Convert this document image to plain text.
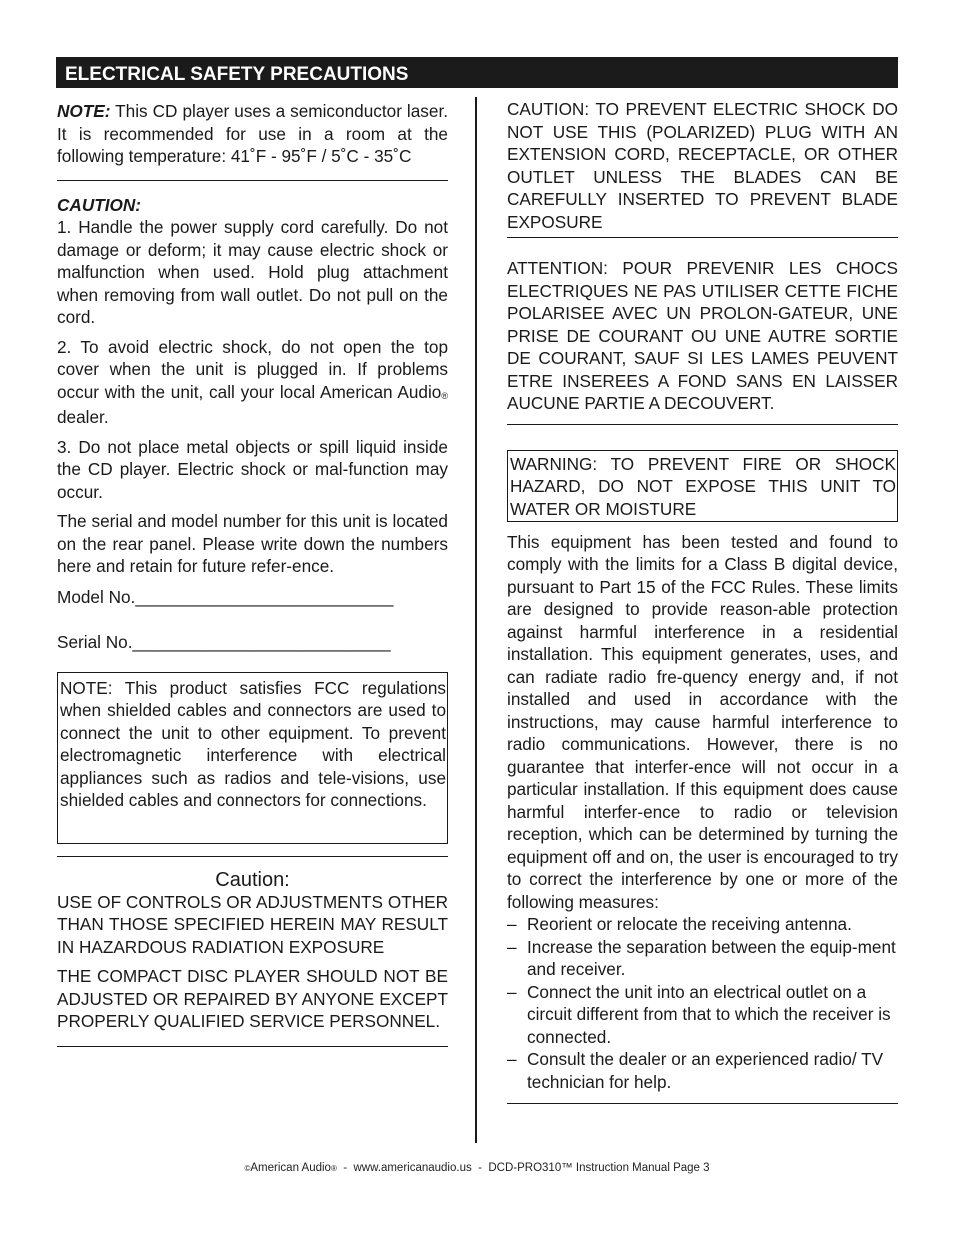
ELECTRICAL SAFETY PRECAUTIONS

NOTE: This CD player uses a semiconductor laser. It is recommended for use in a room at the following temperature: 41˚F - 95˚F / 5˚C - 35˚C

CAUTION:

1. Handle the power supply cord carefully. Do not damage or deform; it may cause electric shock or malfunction when used. Hold plug attachment when removing from wall outlet. Do not pull on the cord.

2. To avoid electric shock, do not open the top cover when the unit is plugged in. If problems occur with the unit, call your local American Audio® dealer.

3. Do not place metal objects or spill liquid inside the CD player. Electric shock or mal-function may occur.

The serial and model number for this unit is located on the rear panel. Please write down the numbers here and retain for future refer-ence.

Model No.___________________________

Serial No.___________________________

NOTE: This product satisfies FCC regulations when shielded cables and connectors are used to connect the unit to other equipment. To prevent electromagnetic interference with electrical appliances such as radios and tele-visions, use shielded cables and connectors for connections.

Caution:

USE OF CONTROLS OR ADJUSTMENTS OTHER THAN THOSE SPECIFIED HEREIN MAY RESULT IN HAZARDOUS RADIATION EXPOSURE

THE COMPACT DISC PLAYER SHOULD NOT BE ADJUSTED OR REPAIRED BY ANYONE EXCEPT PROPERLY QUALIFIED SERVICE PERSONNEL.

CAUTION: TO PREVENT ELECTRIC SHOCK DO NOT USE THIS (POLARIZED) PLUG WITH AN EXTENSION CORD, RECEPTACLE, OR OTHER OUTLET UNLESS THE BLADES CAN BE CAREFULLY INSERTED TO PREVENT BLADE EXPOSURE

ATTENTION: POUR PREVENIR LES CHOCS ELECTRIQUES NE PAS UTILISER CETTE FICHE POLARISEE AVEC UN PROLON-GATEUR, UNE PRISE DE COURANT OU UNE AUTRE SORTIE DE COURANT, SAUF SI LES LAMES PEUVENT ETRE INSEREES A FOND SANS EN LAISSER AUCUNE PARTIE A DECOUVERT.

WARNING: TO PREVENT FIRE OR SHOCK HAZARD, DO NOT EXPOSE THIS UNIT TO WATER OR MOISTURE

This equipment has been tested and found to comply with the limits for a Class B digital device, pursuant to Part 15 of the FCC Rules. These limits are designed to provide reason-able protection against harmful interference in a residential installation. This equipment generates, uses, and can radiate radio fre-quency energy and, if not installed and used in accordance with the instructions, may cause harmful interference to radio communications. However, there is no guarantee that interfer-ence will not occur in a particular installation. If this equipment does cause harmful interfer-ence to radio or television reception, which can be determined by turning the equipment off and on, the user is encouraged to try to correct the interference by one or more of the following measures:

– Reorient or relocate the receiving antenna.
– Increase the separation between the equip-ment and receiver.
– Connect the unit into an electrical outlet on a circuit different from that to which the receiver is connected.
– Consult the dealer or an experienced radio/ TV technician for help.
©American Audio®  -  www.americanaudio.us  -  DCD-PRO310™ Instruction Manual Page 3
